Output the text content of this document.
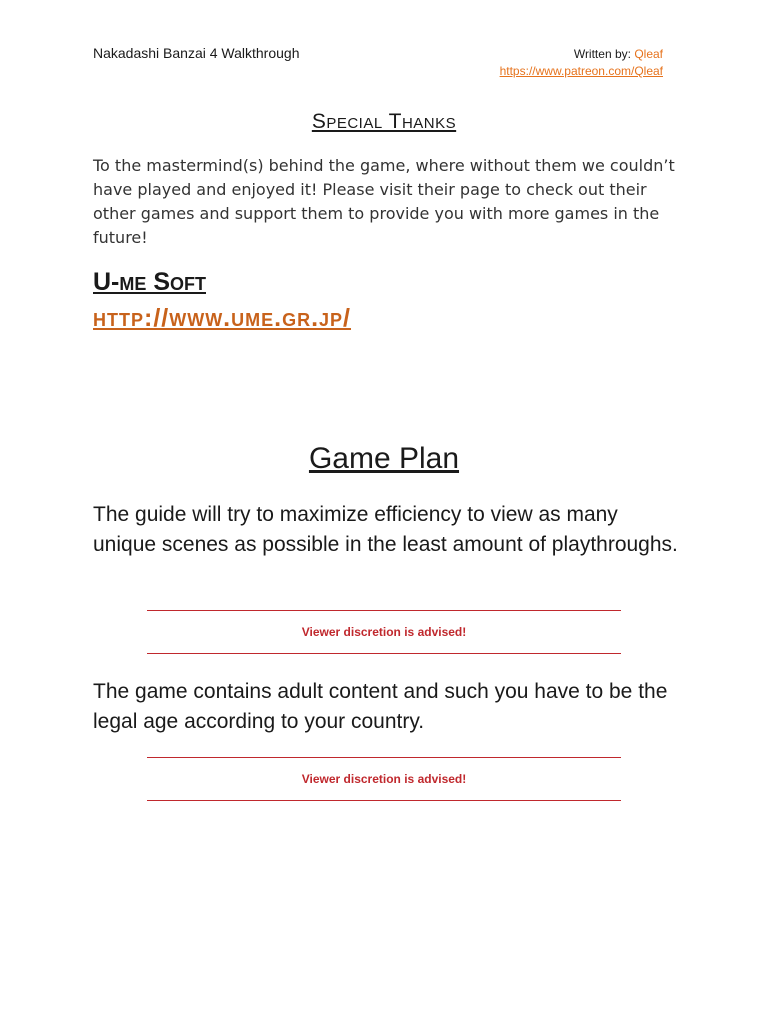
Nakadashi Banzai 4 Walkthrough	Written by: Qleaf
https://www.patreon.com/Qleaf
Special Thanks
To the mastermind(s) behind the game, where without them we couldn’t have played and enjoyed it! Please visit their page to check out their other games and support them to provide you with more games in the future!
U-me Soft
http://www.ume.gr.jp/
Game Plan
The guide will try to maximize efficiency to view as many unique scenes as possible in the least amount of playthroughs.
Viewer discretion is advised!
The game contains adult content and such you have to be the legal age according to your country.
Viewer discretion is advised!
